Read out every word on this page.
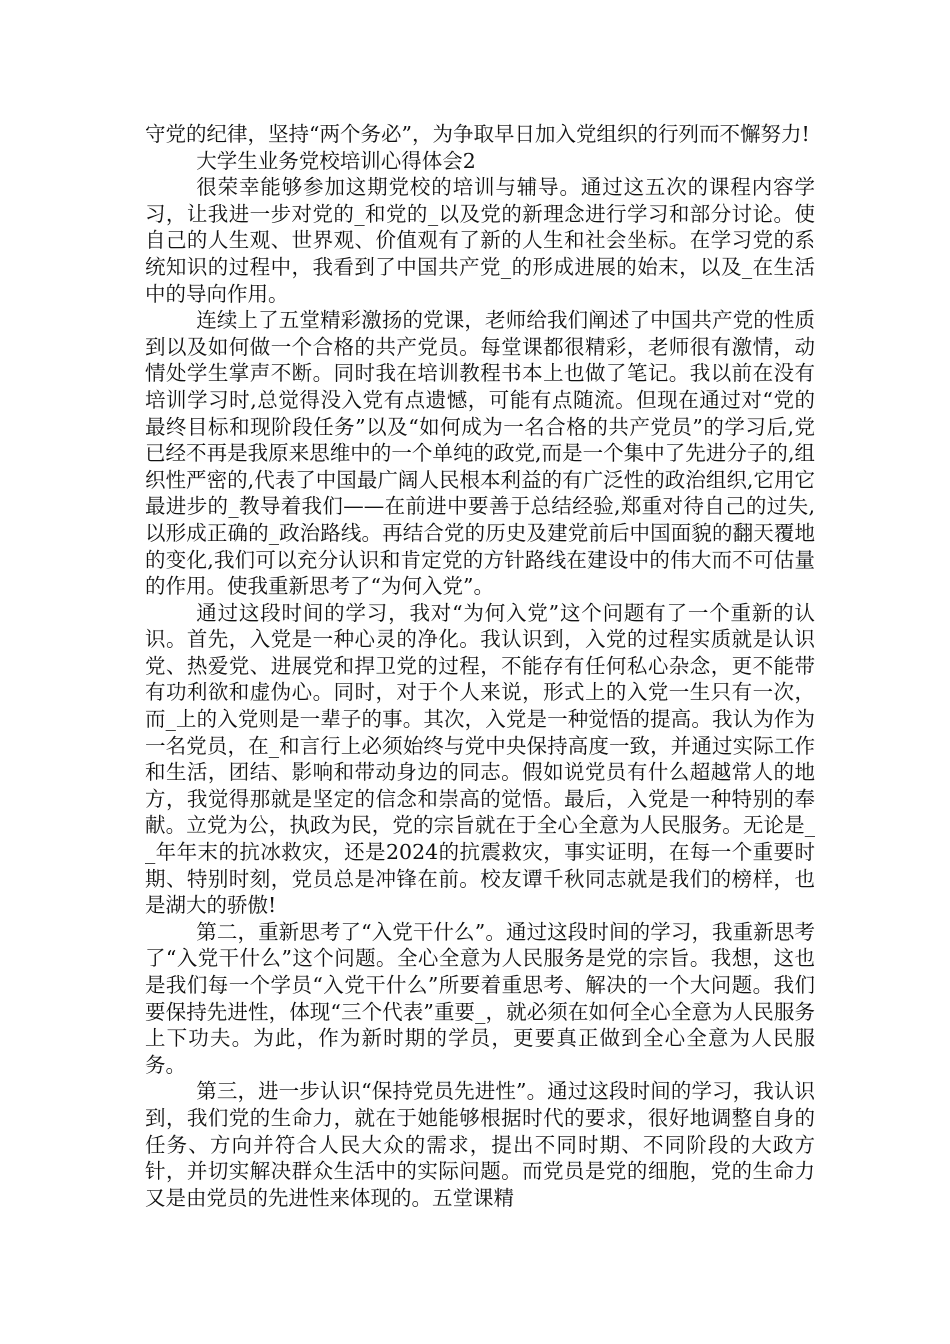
守党的纪律，坚持“两个务必”，为争取早日加入党组织的行列而不懈努力!

大学生业务党校培训心得体会2

很荣幸能够参加这期党校的培训与辅导。通过这五次的课程内容学习，让我进一步对党的_和党的_以及党的新理念进行学习和部分讨论。使自己的人生观、世界观、价值观有了新的人生和社会坐标。在学习党的系统知识的过程中，我看到了中国共产党_的形成进展的始末，以及_在生活中的导向作用。

连续上了五堂精彩激扬的党课，老师给我们阐述了中国共产党的性质到以及如何做一个合格的共产党员。每堂课都很精彩，老师很有激情，动情处学生掌声不断。同时我在培训教程书本上也做了笔记。我以前在没有培训学习时,总觉得没入党有点遗憾，可能有点随流。但现在通过对“党的最终目标和现阶段任务”以及“如何成为一名合格的共产党员”的学习后,党已经不再是我原来思维中的一个单纯的政党,而是一个集中了先进分子的,组织性严密的,代表了中国最广阔人民根本利益的有广泛性的政治组织,它用它最进步的_教导着我们——在前进中要善于总结经验,郑重对待自己的过失,以形成正确的_政治路线。再结合党的历史及建党前后中国面貌的翻天覆地的变化,我们可以充分认识和肯定党的方针路线在建设中的伟大而不可估量的作用。使我重新思考了“为何入党”。

通过这段时间的学习，我对“为何入党”这个问题有了一个重新的认识。首先，入党是一种心灵的净化。我认识到，入党的过程实质就是认识党、热爱党、进展党和捍卫党的过程，不能存有任何私心杂念，更不能带有功利欲和虚伪心。同时，对于个人来说，形式上的入党一生只有一次，而_上的入党则是一辈子的事。其次，入党是一种觉悟的提高。我认为作为一名党员，在_和言行上必须始终与党中央保持高度一致，并通过实际工作和生活，团结、影响和带动身边的同志。假如说党员有什么超越常人的地方，我觉得那就是坚定的信念和崇高的觉悟。最后，入党是一种特别的奉献。立党为公，执政为民，党的宗旨就在于全心全意为人民服务。无论是__年年末的抗冰救灾，还是2024的抗震救灾，事实证明，在每一个重要时期、特别时刻，党员总是冲锋在前。校友谭千秋同志就是我们的榜样，也是湖大的骄傲!

第二，重新思考了“入党干什么”。通过这段时间的学习，我重新思考了“入党干什么”这个问题。全心全意为人民服务是党的宗旨。我想，这也是我们每一个学员“入党干什么”所要着重思考、解决的一个大问题。我们要保持先进性，体现“三个代表”重要_，就必须在如何全心全意为人民服务上下功夫。为此，作为新时期的学员，更要真正做到全心全意为人民服务。

第三，进一步认识“保持党员先进性”。通过这段时间的学习，我认识到，我们党的生命力，就在于她能够根据时代的要求，很好地调整自身的任务、方向并符合人民大众的需求，提出不同时期、不同阶段的大政方针，并切实解决群众生活中的实际问题。而党员是党的细胞，党的生命力又是由党员的先进性来体现的。五堂课精
